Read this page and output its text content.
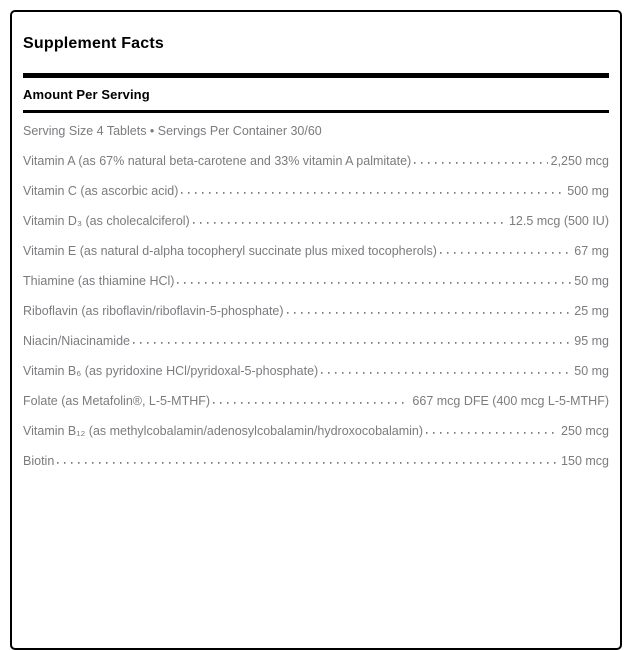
Supplement Facts
Amount Per Serving
Serving Size 4 Tablets • Servings Per Container 30/60
Vitamin A (as 67% natural beta-carotene and 33% vitamin A palmitate)	2,250 mcg
Vitamin C (as ascorbic acid)	500 mg
Vitamin D₃ (as cholecalciferol)	12.5 mcg (500 IU)
Vitamin E (as natural d-alpha tocopheryl succinate plus mixed tocopherols)	67 mg
Thiamine (as thiamine HCl)	50 mg
Riboflavin (as riboflavin/riboflavin-5-phosphate)	25 mg
Niacin/Niacinamide	95 mg
Vitamin B₆ (as pyridoxine HCl/pyridoxal-5-phosphate)	50 mg
Folate (as Metafolin®, L-5-MTHF)	667 mcg DFE (400 mcg L-5-MTHF)
Vitamin B₁₂ (as methylcobalamin/adenosylcobalamin/hydroxocobalamin)	250 mcg
Biotin	150 mcg
